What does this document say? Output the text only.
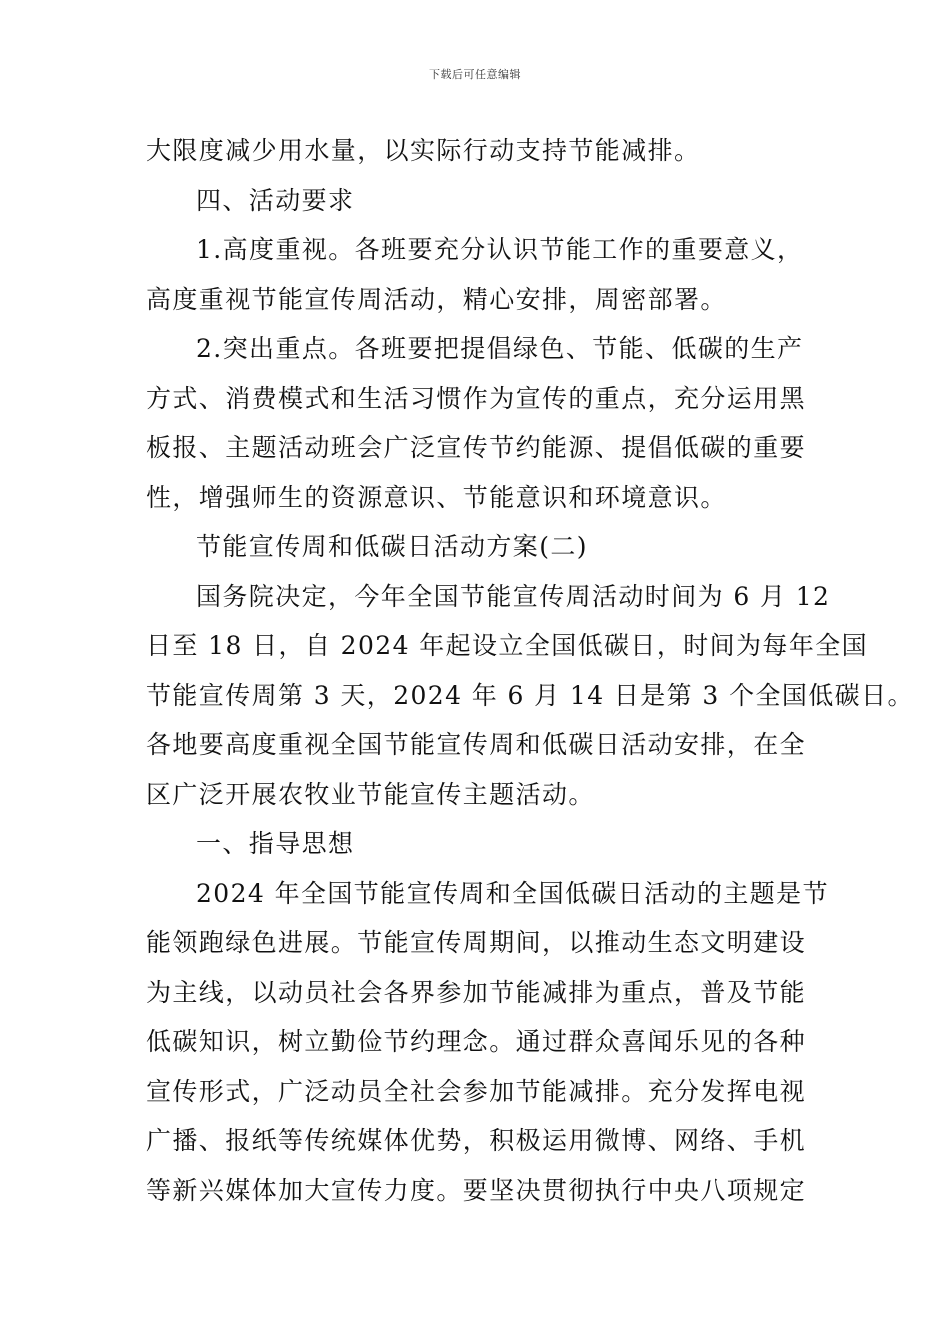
下载后可任意编辑
大限度减少用水量，以实际行动支持节能减排。
四、活动要求
1.高度重视。各班要充分认识节能工作的重要意义，
高度重视节能宣传周活动，精心安排，周密部署。
2.突出重点。各班要把提倡绿色、节能、低碳的生产
方式、消费模式和生活习惯作为宣传的重点，充分运用黑
板报、主题活动班会广泛宣传节约能源、提倡低碳的重要
性，增强师生的资源意识、节能意识和环境意识。
节能宣传周和低碳日活动方案(二)
国务院决定，今年全国节能宣传周活动时间为 6 月 12
日至 18 日，自 2024 年起设立全国低碳日，时间为每年全国
节能宣传周第 3 天，2024 年 6 月 14 日是第 3 个全国低碳日。
各地要高度重视全国节能宣传周和低碳日活动安排，在全
区广泛开展农牧业节能宣传主题活动。
一、指导思想
2024 年全国节能宣传周和全国低碳日活动的主题是节
能领跑绿色进展。节能宣传周期间，以推动生态文明建设
为主线，以动员社会各界参加节能减排为重点，普及节能
低碳知识，树立勤俭节约理念。通过群众喜闻乐见的各种
宣传形式，广泛动员全社会参加节能减排。充分发挥电视
广播、报纸等传统媒体优势，积极运用微博、网络、手机
等新兴媒体加大宣传力度。要坚决贯彻执行中央八项规定
